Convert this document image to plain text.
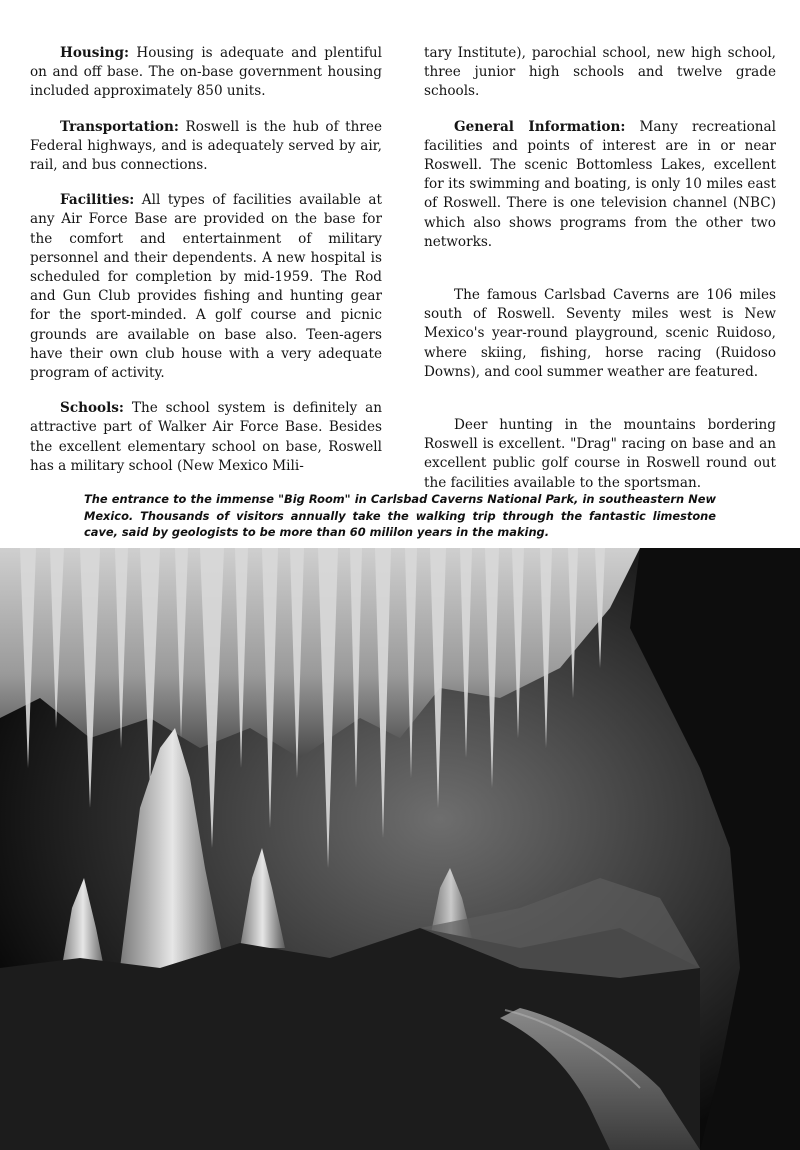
Housing: Housing is adequate and plentiful on and off base. The on-base government housing included approximately 850 units.

Transportation: Roswell is the hub of three Federal highways, and is adequately served by air, rail, and bus connections.

Facilities: All types of facilities available at any Air Force Base are provided on the base for the comfort and entertainment of military personnel and their dependents. A new hospital is scheduled for completion by mid-1959. The Rod and Gun Club provides fishing and hunting gear for the sport-minded. A golf course and picnic grounds are available on base also. Teen-agers have their own club house with a very adequate program of activity.

Schools: The school system is definitely an attractive part of Walker Air Force Base. Besides the excellent elementary school on base, Roswell has a military school (New Mexico Mili-

tary Institute), parochial school, new high school, three junior high schools and twelve grade schools.

General Information: Many recreational facilities and points of interest are in or near Roswell. The scenic Bottomless Lakes, excellent for its swimming and boating, is only 10 miles east of Roswell. There is one television channel (NBC) which also shows programs from the other two networks.

The famous Carlsbad Caverns are 106 miles south of Roswell. Seventy miles west is New Mexico's year-round playground, scenic Ruidoso, where skiing, fishing, horse racing (Ruidoso Downs), and cool summer weather are featured.

Deer hunting in the mountains bordering Roswell is excellent. "Drag" racing on base and an excellent public golf course in Roswell round out the facilities available to the sportsman.

The entrance to the immense "Big Room" in Carlsbad Caverns National Park, in southeastern New Mexico. Thousands of visitors annually take the walking trip through the fantastic limestone cave, said by geologists to be more than 60 mililon years in the making.
